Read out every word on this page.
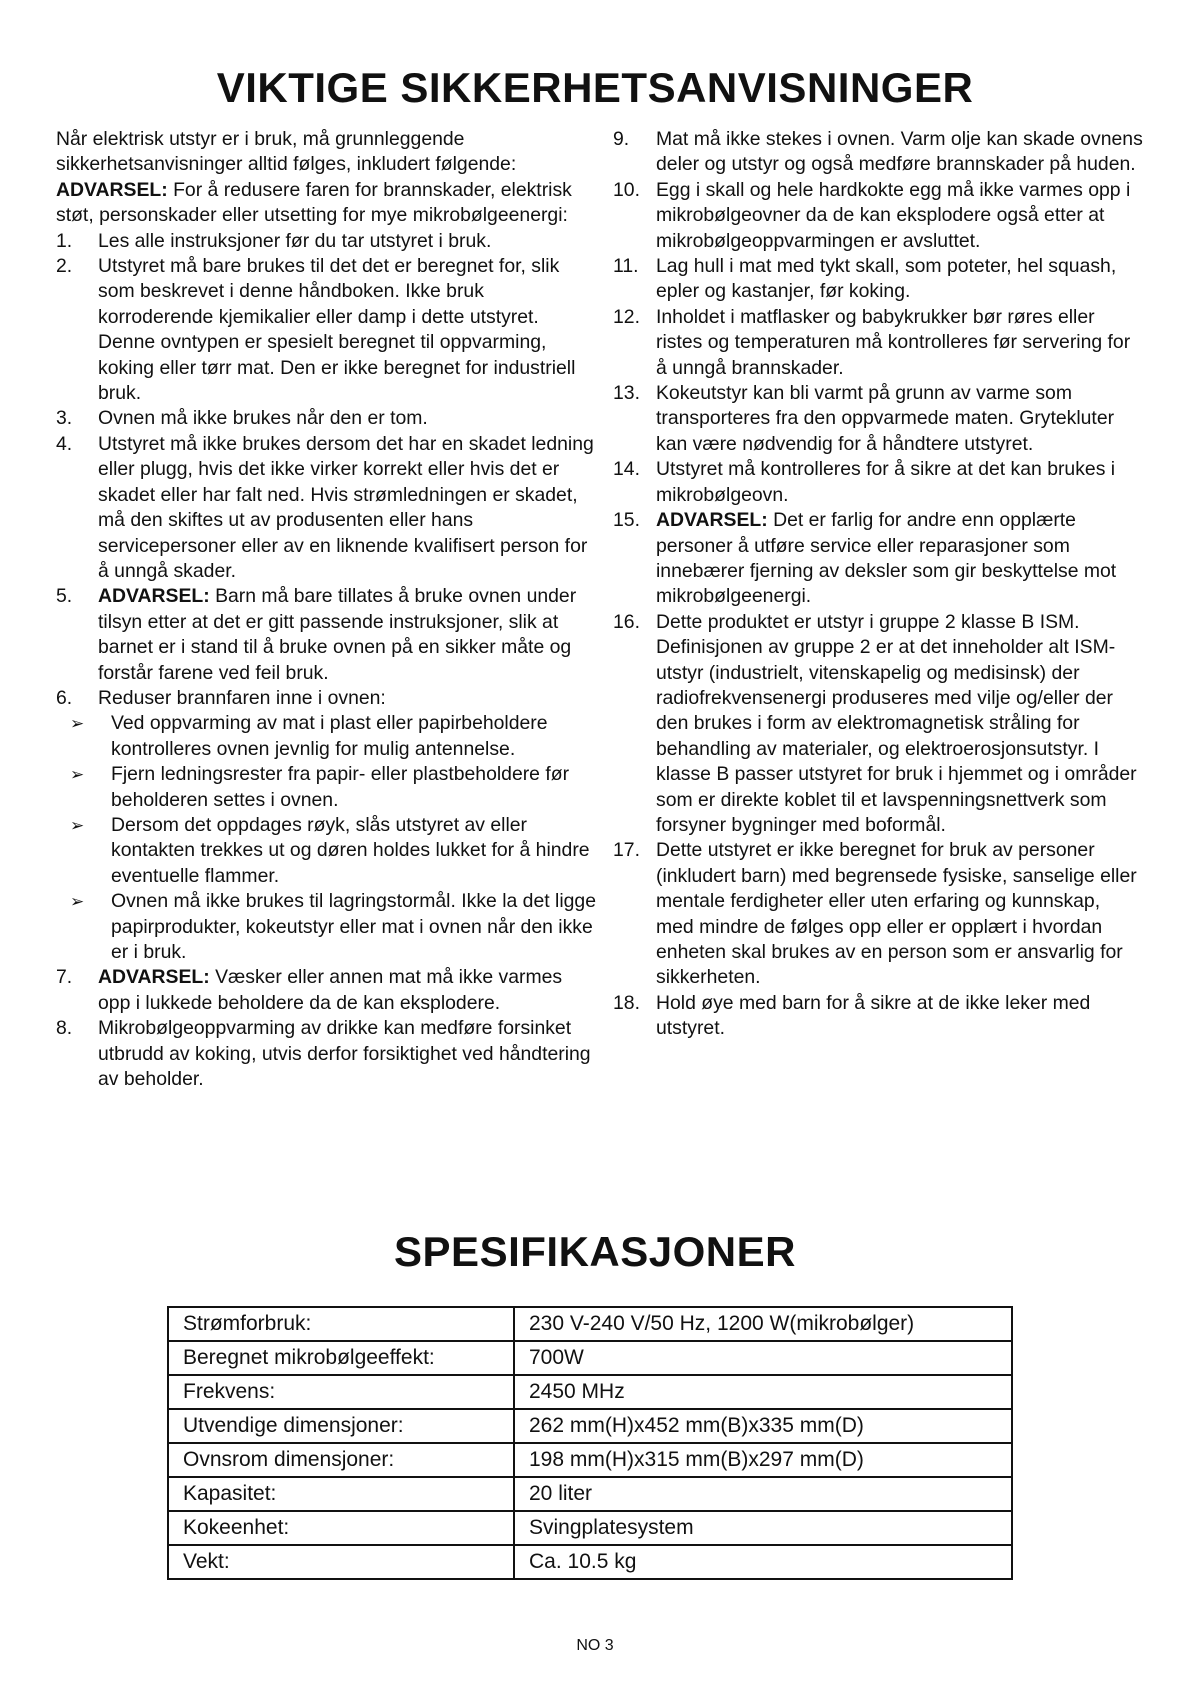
VIKTIGE SIKKERHETSANVISNINGER

Når elektrisk utstyr er i bruk, må grunnleggende sikkerhetsanvisninger alltid følges, inkludert følgende: ADVARSEL: For å redusere faren for brannskader, elektrisk støt, personskader eller utsetting for mye mikrobølgeenergi:

1. Les alle instruksjoner før du tar utstyret i bruk.
2. Utstyret må bare brukes til det det er beregnet for, slik som beskrevet i denne håndboken. Ikke bruk korroderende kjemikalier eller damp i dette utstyret. Denne ovntypen er spesielt beregnet til oppvarming, koking eller tørr mat. Den er ikke beregnet for industriell bruk.
3. Ovnen må ikke brukes når den er tom.
4. Utstyret må ikke brukes dersom det har en skadet ledning eller plugg, hvis det ikke virker korrekt eller hvis det er skadet eller har falt ned. Hvis strømledningen er skadet, må den skiftes ut av produsenten eller hans servicepersoner eller av en liknende kvalifisert person for å unngå skader.
5. ADVARSEL: Barn må bare tillates å bruke ovnen under tilsyn etter at det er gitt passende instruksjoner, slik at barnet er i stand til å bruke ovnen på en sikker måte og forstår farene ved feil bruk.
6. Reduser brannfaren inne i ovnen:
➢ Ved oppvarming av mat i plast eller papirbeholdere kontrolleres ovnen jevnlig for mulig antennelse.
➢ Fjern ledningsrester fra papir- eller plastbeholdere før beholderen settes i ovnen.
➢ Dersom det oppdages røyk, slås utstyret av eller kontakten trekkes ut og døren holdes lukket for å hindre eventuelle flammer.
➢ Ovnen må ikke brukes til lagringstormål. Ikke la det ligge papirprodukter, kokeutstyr eller mat i ovnen når den ikke er i bruk.
7. ADVARSEL: Væsker eller annen mat må ikke varmes opp i lukkede beholdere da de kan eksplodere.
8. Mikrobølgeoppvarming av drikke kan medføre forsinket utbrudd av koking, utvis derfor forsiktighet ved håndtering av beholder.
9. Mat må ikke stekes i ovnen. Varm olje kan skade ovnens deler og utstyr og også medføre brannskader på huden.
10. Egg i skall og hele hardkokte egg må ikke varmes opp i mikrobølgeovner da de kan eksplodere også etter at mikrobølgeoppvarmingen er avsluttet.
11. Lag hull i mat med tykt skall, som poteter, hel squash, epler og kastanjer, før koking.
12. Inholdet i matflasker og babykrukker bør røres eller ristes og temperaturen må kontrolleres før servering for å unngå brannskader.
13. Kokeutstyr kan bli varmt på grunn av varme som transporteres fra den oppvarmede maten. Grytekluter kan være nødvendig for å håndtere utstyret.
14. Utstyret må kontrolleres for å sikre at det kan brukes i mikrobølgeovn.
15. ADVARSEL: Det er farlig for andre enn opplærte personer å utføre service eller reparasjoner som innebærer fjerning av deksler som gir beskyttelse mot mikrobølgeenergi.
16. Dette produktet er utstyr i gruppe 2 klasse B ISM. Definisjonen av gruppe 2 er at det inneholder alt ISM-utstyr (industrielt, vitenskapelig og medisinsk) der radiofrekvensenergi produseres med vilje og/eller der den brukes i form av elektromagnetisk stråling for behandling av materialer, og elektroerosjonsutstyr. I klasse B passer utstyret for bruk i hjemmet og i områder som er direkte koblet til et lavspenningsnettverk som forsyner bygninger med boformål.
17. Dette utstyret er ikke beregnet for bruk av personer (inkludert barn) med begrensede fysiske, sanselige eller mentale ferdigheter eller uten erfaring og kunnskap, med mindre de følges opp eller er opplært i hvordan enheten skal brukes av en person som er ansvarlig for sikkerheten.
18. Hold øye med barn for å sikre at de ikke leker med utstyret.
SPESIFIKASJONER
Strømforbruk:	230 V-240 V/50 Hz, 1200 W(mikrobølger)
Beregnet mikrobølgeeffekt:	700W
Frekvens:	2450 MHz
Utvendige dimensjoner:	262 mm(H)x452 mm(B)x335 mm(D)
Ovnsrom dimensjoner:	198 mm(H)x315 mm(B)x297 mm(D)
Kapasitet:	20 liter
Kokeenhet:	Svingplatesystem
Vekt:	Ca. 10.5 kg
NO 3
